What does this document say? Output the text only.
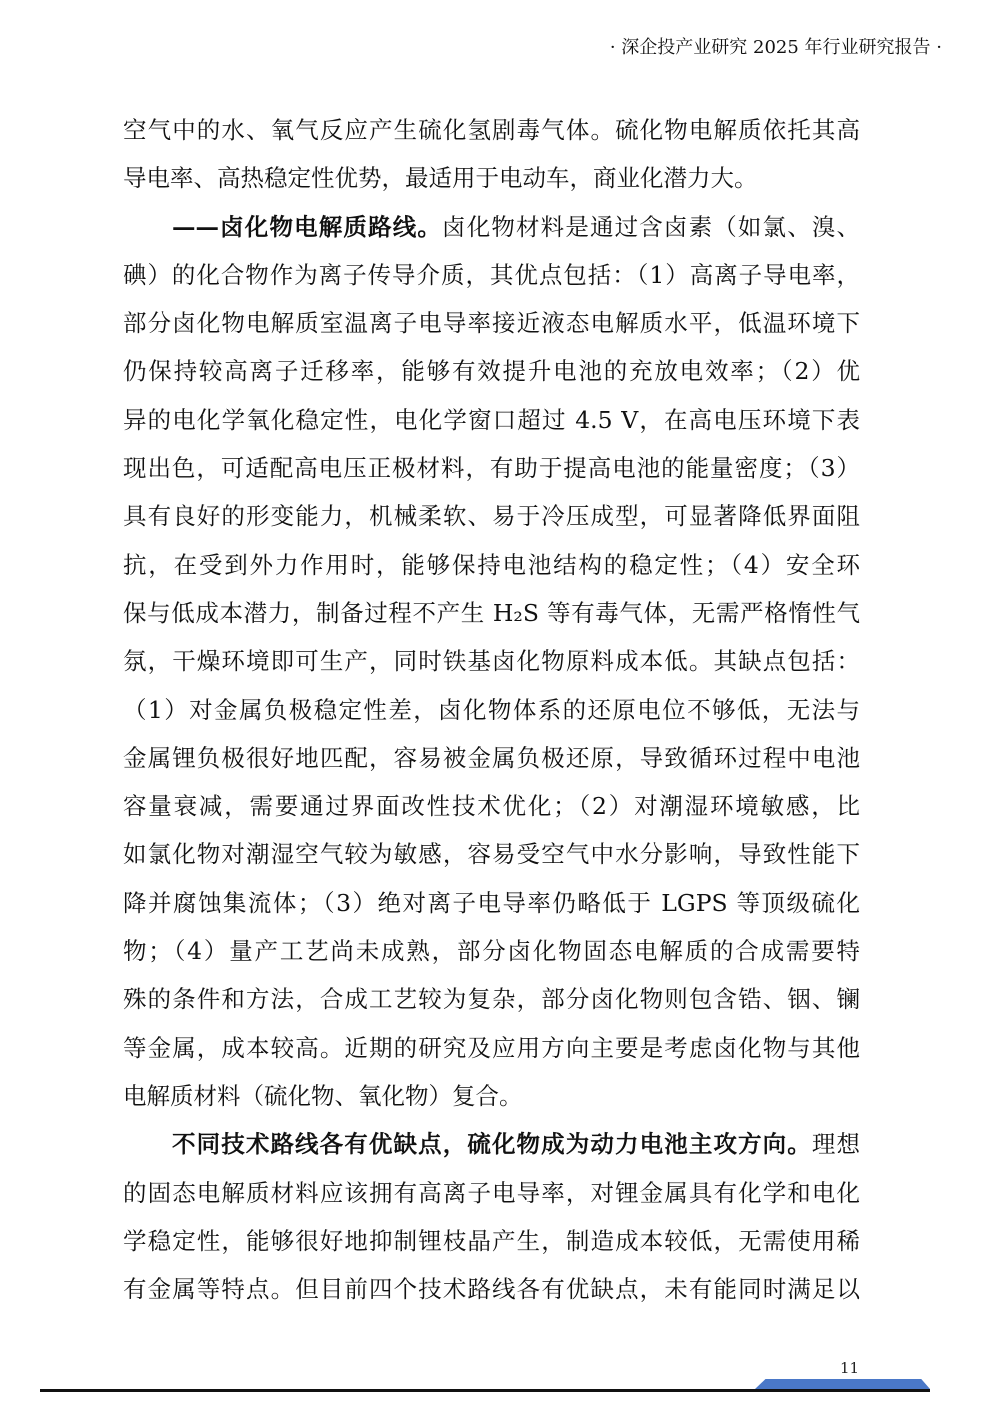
· 深企投产业研究 2025 年行业研究报告 ·
空气中的水、氧气反应产生硫化氢剧毒气体。硫化物电解质依托其高
导电率、高热稳定性优势，最适用于电动车，商业化潜力大。
——卤化物电解质路线。卤化物材料是通过含卤素（如氯、溴、
碘）的化合物作为离子传导介质，其优点包括：（1）高离子导电率，
部分卤化物电解质室温离子电导率接近液态电解质水平，低温环境下
仍保持较高离子迁移率，能够有效提升电池的充放电效率；（2）优
异的电化学氧化稳定性，电化学窗口超过 4.5 V，在高电压环境下表
现出色，可适配高电压正极材料，有助于提高电池的能量密度；（3）
具有良好的形变能力，机械柔软、易于冷压成型，可显著降低界面阻
抗，在受到外力作用时，能够保持电池结构的稳定性；（4）安全环
保与低成本潜力，制备过程不产生 H₂S 等有毒气体，无需严格惰性气
氛，干燥环境即可生产，同时铁基卤化物原料成本低。其缺点包括：
（1）对金属负极稳定性差，卤化物体系的还原电位不够低，无法与
金属锂负极很好地匹配，容易被金属负极还原，导致循环过程中电池
容量衰减，需要通过界面改性技术优化；（2）对潮湿环境敏感，比
如氯化物对潮湿空气较为敏感，容易受空气中水分影响，导致性能下
降并腐蚀集流体；（3）绝对离子电导率仍略低于 LGPS 等顶级硫化
物；（4）量产工艺尚未成熟，部分卤化物固态电解质的合成需要特
殊的条件和方法，合成工艺较为复杂，部分卤化物则包含锆、铟、镧
等金属，成本较高。近期的研究及应用方向主要是考虑卤化物与其他
电解质材料（硫化物、氧化物）复合。
不同技术路线各有优缺点，硫化物成为动力电池主攻方向。理想
的固态电解质材料应该拥有高离子电导率，对锂金属具有化学和电化
学稳定性，能够很好地抑制锂枝晶产生，制造成本较低，无需使用稀
有金属等特点。但目前四个技术路线各有优缺点，未有能同时满足以
11
